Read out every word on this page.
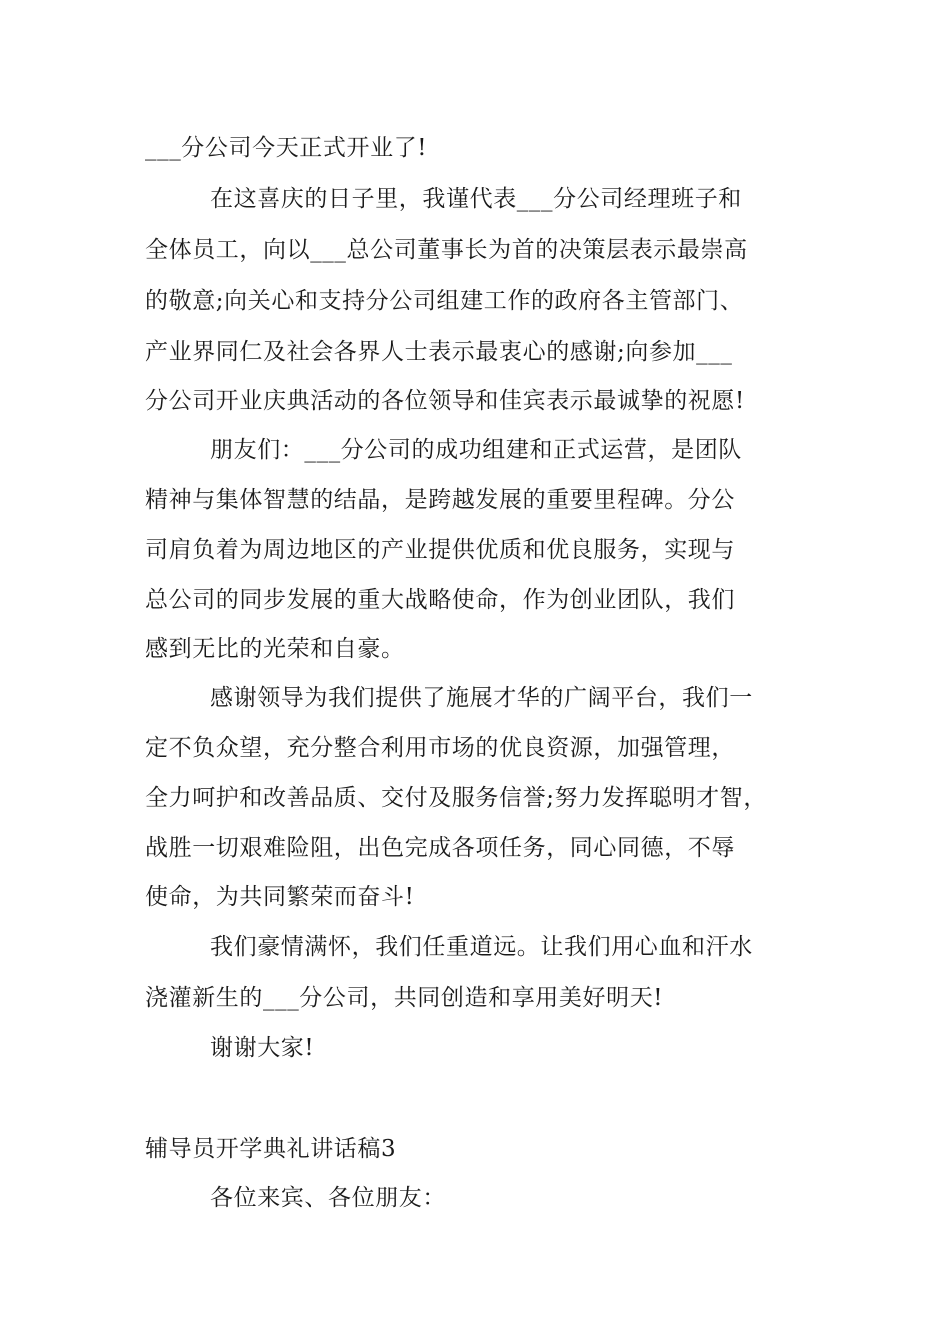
___分公司今天正式开业了!
在这喜庆的日子里，我谨代表___分公司经理班子和
全体员工，向以___总公司董事长为首的决策层表示最崇高
的敬意;向关心和支持分公司组建工作的政府各主管部门、
产业界同仁及社会各界人士表示最衷心的感谢;向参加___
分公司开业庆典活动的各位领导和佳宾表示最诚挚的祝愿!
朋友们：___分公司的成功组建和正式运营，是团队
精神与集体智慧的结晶，是跨越发展的重要里程碑。分公
司肩负着为周边地区的产业提供优质和优良服务，实现与
总公司的同步发展的重大战略使命，作为创业团队，我们
感到无比的光荣和自豪。
感谢领导为我们提供了施展才华的广阔平台，我们一
定不负众望，充分整合利用市场的优良资源，加强管理，
全力呵护和改善品质、交付及服务信誉;努力发挥聪明才智，
战胜一切艰难险阻，出色完成各项任务，同心同德，不辱
使命，为共同繁荣而奋斗!
我们豪情满怀，我们任重道远。让我们用心血和汗水
浇灌新生的___分公司，共同创造和享用美好明天!
谢谢大家!
辅导员开学典礼讲话稿3
各位来宾、各位朋友：
